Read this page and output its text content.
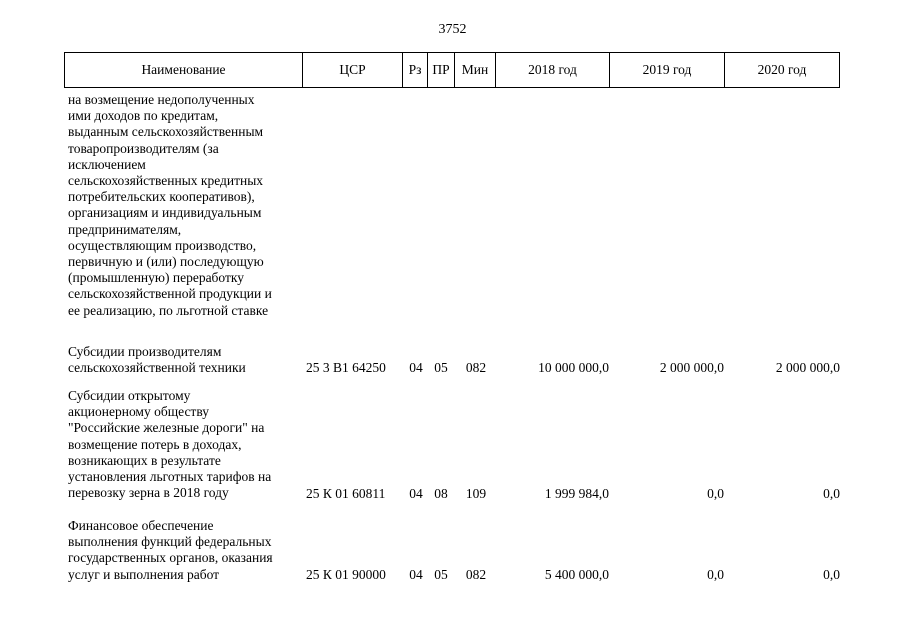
3752
Наименование	ЦСР	Рз	ПР	Мин	2018 год	2019 год	2020 год
на возмещение недополученных
ими доходов по кредитам,
выданным сельскохозяйственным
товаропроизводителям (за
исключением
сельскохозяйственных кредитных
потребительских кооперативов),
организациям и индивидуальным
предпринимателям,
осуществляющим производство,
первичную и (или) последующую
(промышленную) переработку
сельскохозяйственной продукции и
ее реализацию, по льготной ставке
Субсидии производителям
сельскохозяйственной техники	25 3 В1 64250	04 05	082	10 000 000,0	2 000 000,0	2 000 000,0
Субсидии открытому
акционерному обществу
"Российские железные дороги" на
возмещение потерь в доходах,
возникающих в результате
установления льготных тарифов на
перевозку зерна в 2018 году	25 К 01 60811	04 08	109	1 999 984,0	0,0	0,0
Финансовое обеспечение
выполнения функций федеральных
государственных органов, оказания
услуг и выполнения работ	25 К 01 90000	04 05	082	5 400 000,0	0,0	0,0
